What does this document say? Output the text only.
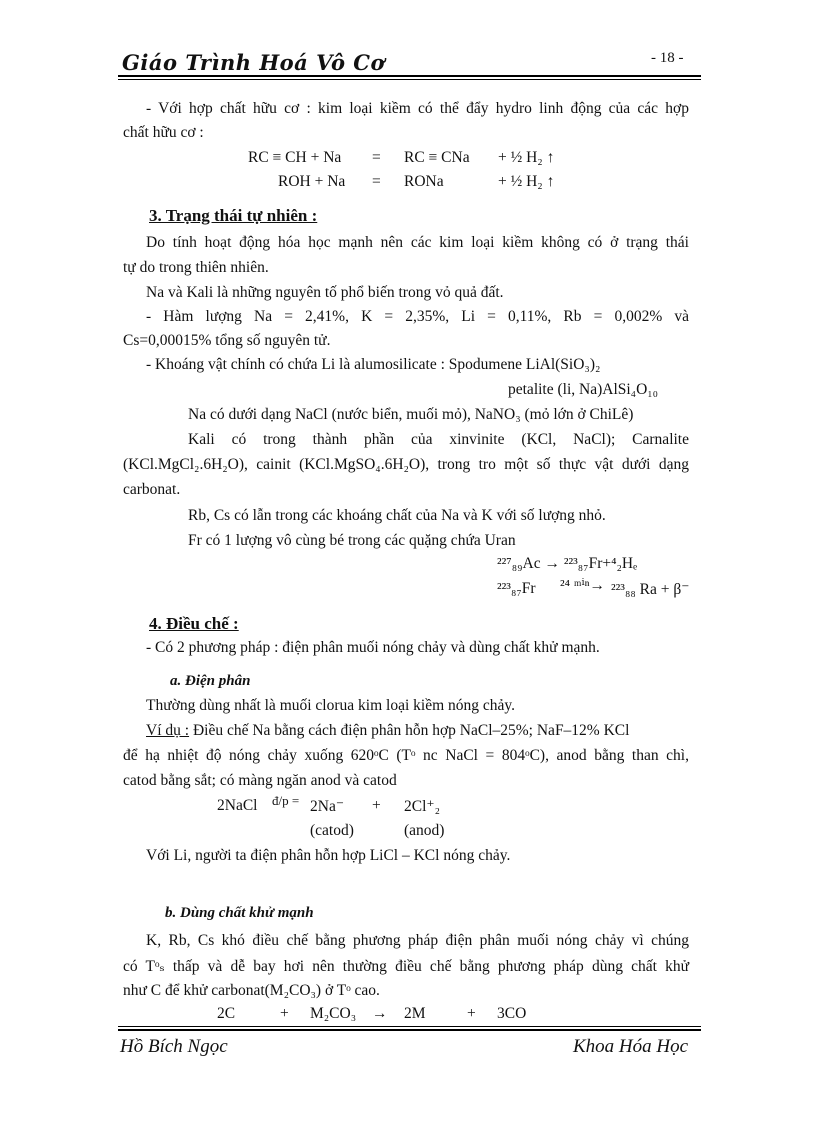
Giáo Trình Hoá Vô Cơ	- 18 -
- Với hợp chất hữu cơ : kim loại kiềm có thể đẩy hydro linh động của các hợp
chất hữu cơ :
RC ≡ CH + Na = RC ≡ CNa + ½ H₂ ↑
ROH + Na = RONa	+ ½ H₂ ↑
3. Trạng thái tự nhiên :
Do tính hoạt động hóa học mạnh nên các kim loại kiềm không có ở trạng thái
tự do trong thiên nhiên.
Na và Kali là những nguyên tố phổ biến trong vỏ quả đất.
- Hàm lượng Na = 2,41%, K = 2,35%, Li = 0,11%, Rb = 0,002% và
Cs=0,00015% tổng số nguyên tử.
- Khoáng vật chính có chứa Li là alumosilicate : Spodumene LiAl(SiO₃)₂
petalite (li, Na)AlSi₄O₁₀
Na có dưới dạng NaCl (nước biển, muối mỏ), NaNO₃ (mỏ lớn ở ChiLê)
Kali có trong thành phần của xinvinite (KCl, NaCl); Carnalite
(KCl.MgCl₂.6H₂O), cainit (KCl.MgSO₄.6H₂O), trong tro một số thực vật dưới dạng
carbonat.
Rb, Cs có lẫn trong các khoáng chất của Na và K với số lượng nhỏ.
Fr có 1 lượng vô cùng bé trong các quặng chứa Uran
²²⁷₈₉Ac → ²²³₈₇Fr+⁴₂Hₑ
²²³₈₇Fr ²⁴ ᵐⁱⁿ→ ²²³₈₈ Ra + β⁻
4. Điều chế :
- Có 2 phương pháp : điện phân muối nóng chảy và dùng chất khử mạnh.
a. Điện phân
Thường dùng nhất là muối clorua kim loại kiềm nóng chảy.
Ví dụ : Điều chế Na bằng cách điện phân hỗn hợp NaCl–25%; NaF–12% KCl
để hạ nhiệt độ nóng chảy xuống 620ᵒC (Tᵒ nc NaCl = 804ᵒC), anod bằng than chì,
catod bằng sắt; có màng ngăn anod và catod
2NaCl đ/p = 2Na⁻ + 2Cl⁺₂
(catod)	(anod)
Với Li, người ta điện phân hỗn hợp LiCl – KCl nóng chảy.
b. Dùng chất khử mạnh
K, Rb, Cs khó điều chế bằng phương pháp điện phân muối nóng chảy vì chúng
có Tᵒₛ thấp và dễ bay hơi nên thường điều chế bằng phương pháp dùng chất khử
như C để khử carbonat(M₂CO₃) ở Tᵒ cao.
2C	+ M₂CO₃ → 2M	+ 3CO
Hồ Bích Ngọc	Khoa Hóa Học
